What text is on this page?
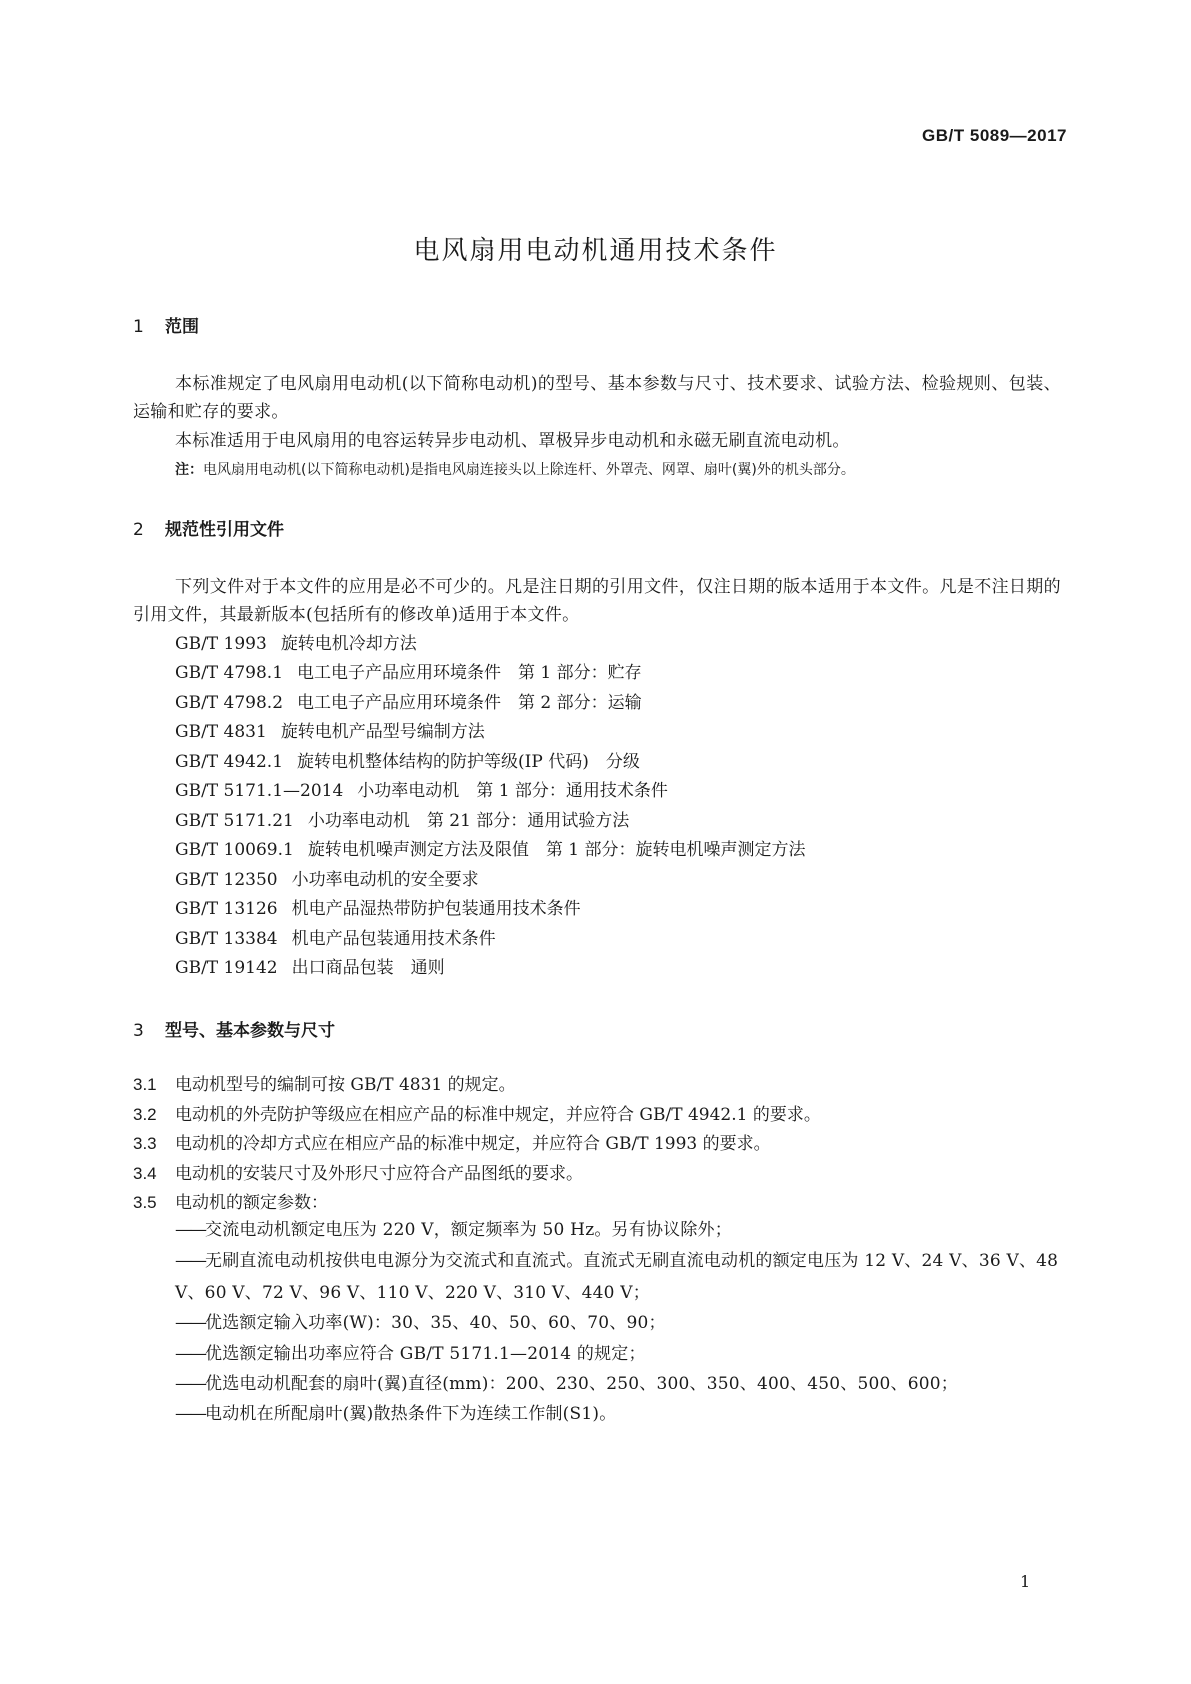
GB/T 5089—2017
电风扇用电动机通用技术条件
1 范围
本标准规定了电风扇用电动机(以下简称电动机)的型号、基本参数与尺寸、技术要求、试验方法、检验规则、包装、运输和贮存的要求。
本标准适用于电风扇用的电容运转异步电动机、罩极异步电动机和永磁无刷直流电动机。
注：电风扇用电动机(以下简称电动机)是指电风扇连接头以上除连杆、外罩壳、网罩、扇叶(翼)外的机头部分。
2 规范性引用文件
下列文件对于本文件的应用是必不可少的。凡是注日期的引用文件，仅注日期的版本适用于本文件。凡是不注日期的引用文件，其最新版本(包括所有的修改单)适用于本文件。
GB/T 1993 旋转电机冷却方法
GB/T 4798.1 电工电子产品应用环境条件　第 1 部分：贮存
GB/T 4798.2 电工电子产品应用环境条件　第 2 部分：运输
GB/T 4831 旋转电机产品型号编制方法
GB/T 4942.1 旋转电机整体结构的防护等级(IP 代码)　分级
GB/T 5171.1—2014 小功率电动机　第 1 部分：通用技术条件
GB/T 5171.21 小功率电动机　第 21 部分：通用试验方法
GB/T 10069.1 旋转电机噪声测定方法及限值　第 1 部分：旋转电机噪声测定方法
GB/T 12350 小功率电动机的安全要求
GB/T 13126 机电产品湿热带防护包装通用技术条件
GB/T 13384 机电产品包装通用技术条件
GB/T 19142 出口商品包装　通则
3 型号、基本参数与尺寸
3.1 电动机型号的编制可按 GB/T 4831 的规定。
3.2 电动机的外壳防护等级应在相应产品的标准中规定，并应符合 GB/T 4942.1 的要求。
3.3 电动机的冷却方式应在相应产品的标准中规定，并应符合 GB/T 1993 的要求。
3.4 电动机的安装尺寸及外形尺寸应符合产品图纸的要求。
3.5 电动机的额定参数：
——交流电动机额定电压为 220 V，额定频率为 50 Hz。另有协议除外；
——无刷直流电动机按供电电源分为交流式和直流式。直流式无刷直流电动机的额定电压为 12 V、24 V、36 V、48 V、60 V、72 V、96 V、110 V、220 V、310 V、440 V；
——优选额定输入功率(W)：30、35、40、50、60、70、90；
——优选额定输出功率应符合 GB/T 5171.1—2014 的规定；
——优选电动机配套的扇叶(翼)直径(mm)：200、230、250、300、350、400、450、500、600；
——电动机在所配扇叶(翼)散热条件下为连续工作制(S1)。
1
